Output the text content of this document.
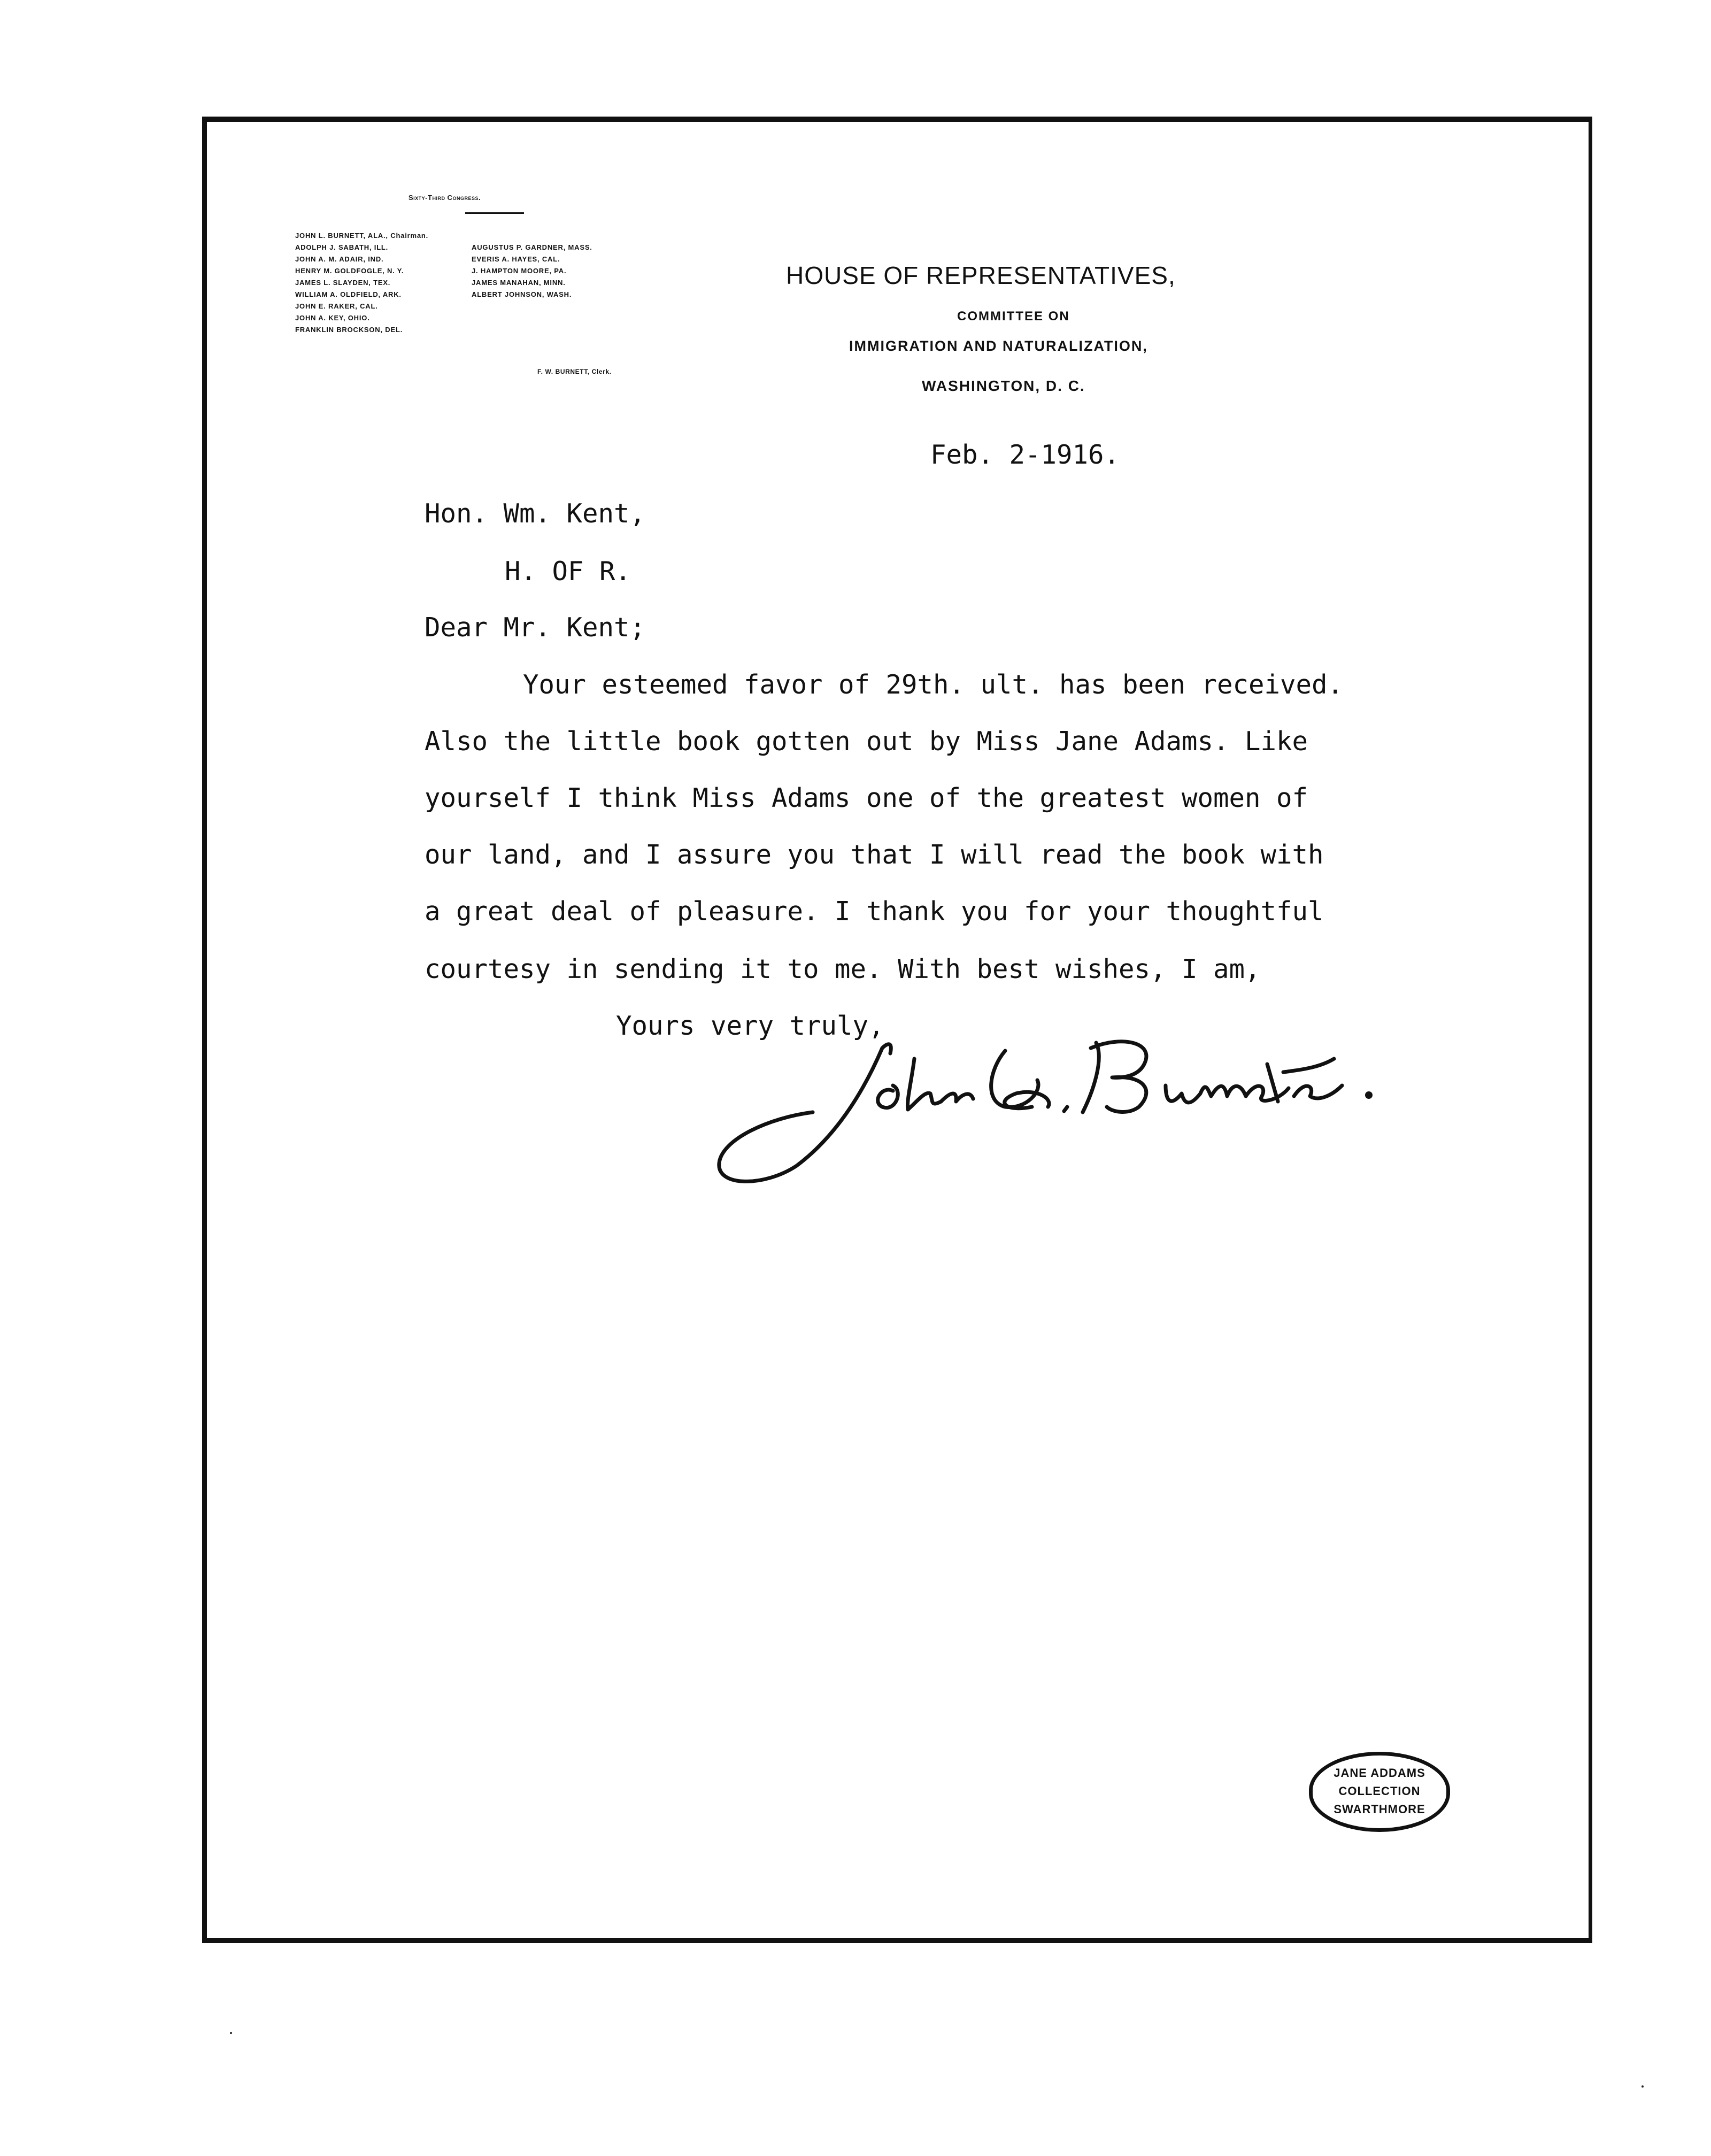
Sixty-Third Congress.
JOHN L. BURNETT, ALA., Chairman.
ADOLPH J. SABATH, ILL.
JOHN A. M. ADAIR, IND.
HENRY M. GOLDFOGLE, N. Y.
JAMES L. SLAYDEN, TEX.
WILLIAM A. OLDFIELD, ARK.
JOHN E. RAKER, CAL.
JOHN A. KEY, OHIO.
FRANKLIN BROCKSON, DEL.
AUGUSTUS P. GARDNER, MASS.
EVERIS A. HAYES, CAL.
J. HAMPTON MOORE, PA.
JAMES MANAHAN, MINN.
ALBERT JOHNSON, WASH.
F. W. BURNETT, Clerk.
HOUSE OF REPRESENTATIVES,
COMMITTEE ON
IMMIGRATION AND NATURALIZATION,
WASHINGTON, D. C.
Feb. 2-1916.
Hon. Wm. Kent,
H. OF R.
Dear Mr. Kent;
Your esteemed favor of 29th. ult. has been received.
Also the little book gotten out by Miss Jane Adams. Like
yourself I think Miss Adams one of the greatest women of
our land, and I assure you that I will read the book with
a great deal of pleasure. I thank you for your thoughtful
courtesy in sending it to me. With best wishes, I am,
Yours very truly,
JANE ADDAMS
COLLECTION
SWARTHMORE
